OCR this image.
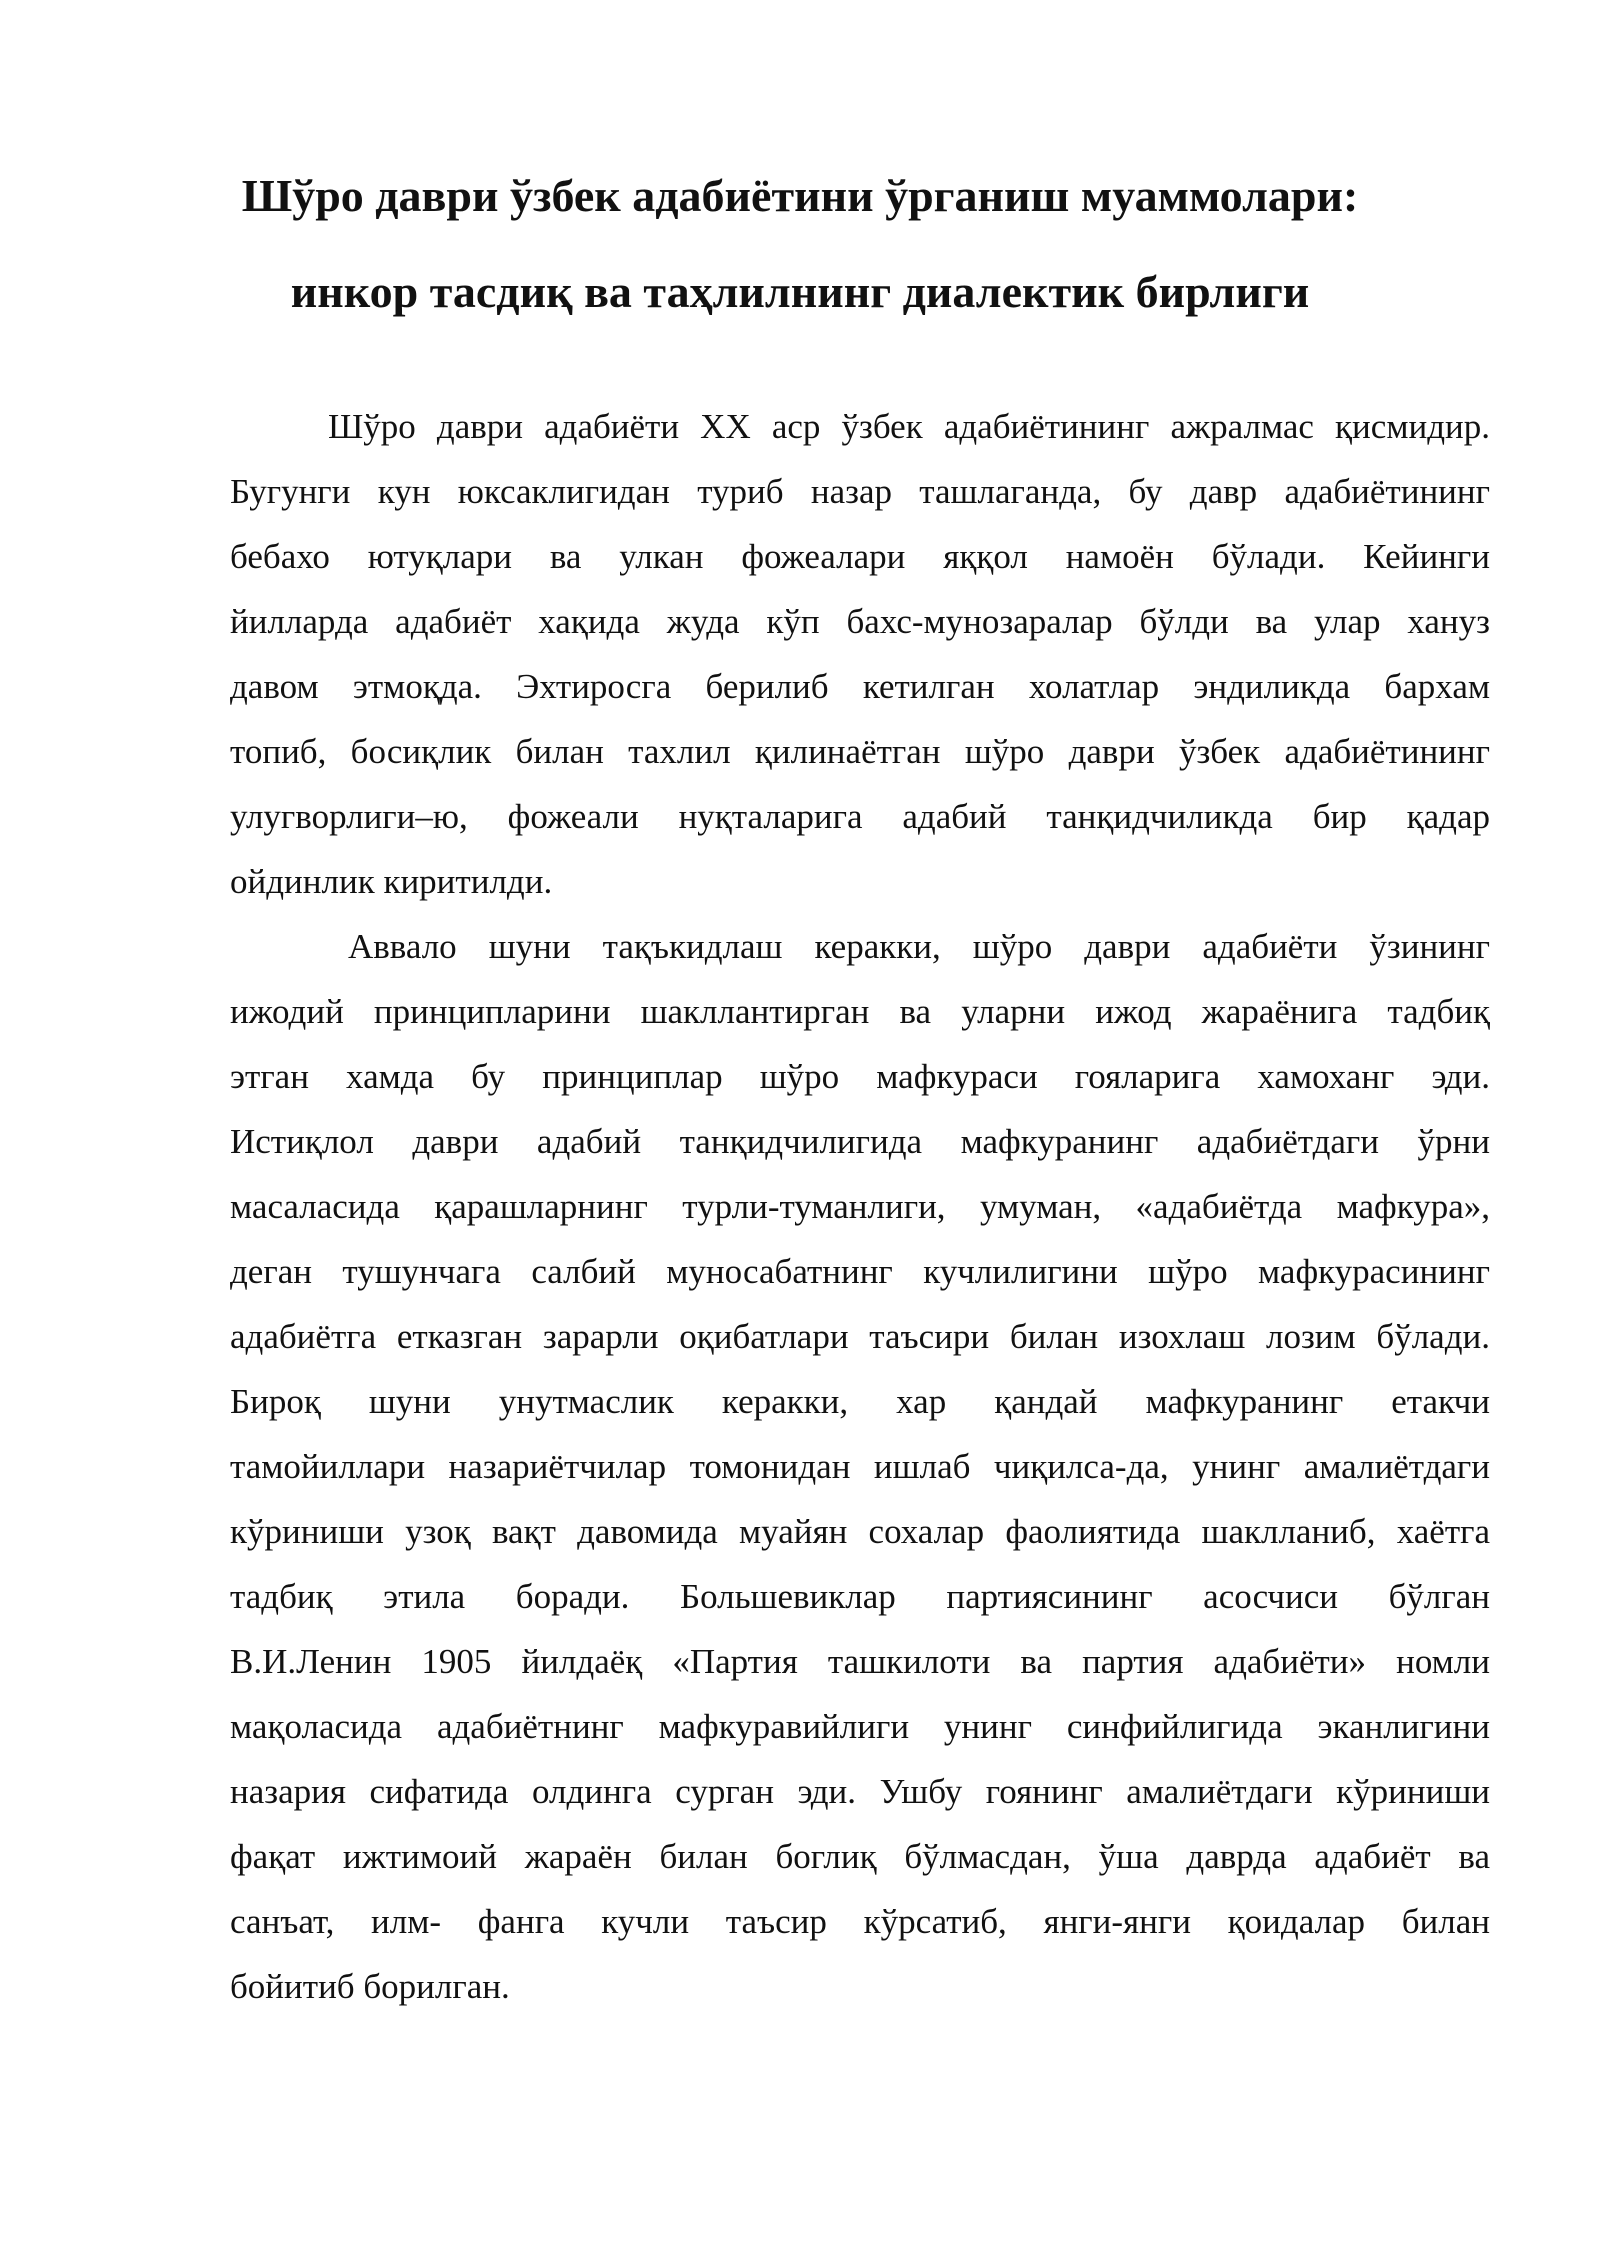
Шўро даври ўзбек адабиётини ўрганиш муаммолари:
инкор тасдиқ ва таҳлилнинг диалектик бирлиги
Шўро даври адабиёти XX аср ўзбек адабиётининг ажралмас қисмидир.
Бугунги кун юксаклигидан туриб назар ташлаганда, бу давр адабиётининг
бебахо ютуқлари ва улкан фожеалари яққол намоён бўлади. Кейинги
йилларда адабиёт хақида жуда кўп бахс-мунозаралар бўлди ва улар хануз
давом этмоқда. Эхтиросга берилиб кетилган холатлар эндиликда бархам
топиб, босиқлик билан тахлил қилинаётган шўро даври ўзбек адабиётининг
улугворлиги–ю, фожеали нуқталарига адабий танқидчиликда бир қадар
ойдинлик киритилди.
Аввало шуни тақъкидлаш керакки, шўро даври адабиёти ўзининг
ижодий принципларини шакллантирган ва уларни ижод жараёнига тадбиқ
этган хамда бу принциплар шўро мафкураси гояларига хамоханг эди.
Истиқлол даври адабий танқидчилигида мафкуранинг адабиётдаги ўрни
масаласида қарашларнинг турли-туманлиги, умуман, «адабиётда мафкура»,
деган тушунчага салбий муносабатнинг кучлилигини шўро мафкурасининг
адабиётга етказган зарарли оқибатлари таъсири билан изохлаш лозим бўлади.
Бироқ шуни унутмаслик керакки, хар қандай мафкуранинг етакчи
тамойиллари назариётчилар томонидан ишлаб чиқилса-да, унинг амалиётдаги
кўриниши узоқ вақт давомида муайян сохалар фаолиятида шаклланиб, хаётга
тадбиқ этила боради. Большевиклар партиясининг асосчиси бўлган
В.И.Ленин 1905 йилдаёқ «Партия ташкилоти ва партия адабиёти» номли
мақоласида адабиётнинг мафкуравийлиги унинг синфийлигида эканлигини
назария сифатида олдинга сурган эди. Ушбу гоянинг амалиётдаги кўриниши
фақат ижтимоий жараён билан боглиқ бўлмасдан, ўша даврда адабиёт ва
санъат, илм- фанга кучли таъсир кўрсатиб, янги-янги қоидалар билан
бойитиб борилган.
